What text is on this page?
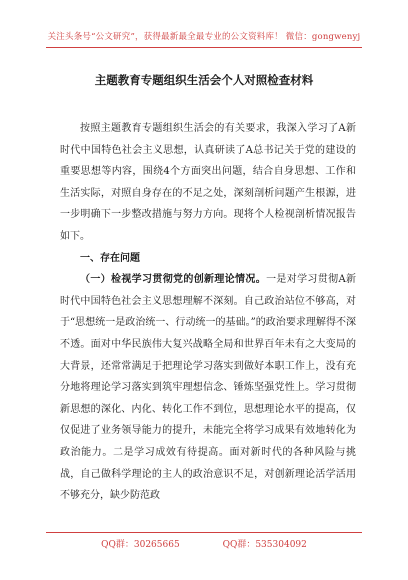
关注头条号“公文研究”，获得最新最全最专业的公文资料库！ 微信：gongwenyj
主题教育专题组织生活会个人对照检查材料

按照主题教育专题组织生活会的有关要求，我深入学习了A新时代中国特色社会主义思想，认真研读了A总书记关于党的建设的重要思想等内容，围绕4个方面突出问题，结合自身思想、工作和生活实际，对照自身存在的不足之处，深刻剖析问题产生根源，进一步明确下一步整改措施与努力方向。现将个人检视剖析情况报告如下。

一、存在问题

（一）检视学习贯彻党的创新理论情况。一是对学习贯彻A新时代中国特色社会主义思想理解不深刻。自己政治站位不够高，对于“思想统一是政治统一、行动统一的基础。”的政治要求理解得不深不透。面对中华民族伟大复兴战略全局和世界百年未有之大变局的大背景，还常常满足于把理论学习落实到做好本职工作上，没有充分地将理论学习落实到筑牢理想信念、锤炼坚强党性上。学习贯彻新思想的深化、内化、转化工作不到位，思想理论水平的提高，仅仅促进了业务领导能力的提升，未能完全将学习成果有效地转化为政治能力。二是学习成效有待提高。面对新时代的各种风险与挑战，自己做科学理论的主人的政治意识不足，对创新理论活学活用不够充分，缺少防范政

QQ群：30265665	QQ群：535304092
